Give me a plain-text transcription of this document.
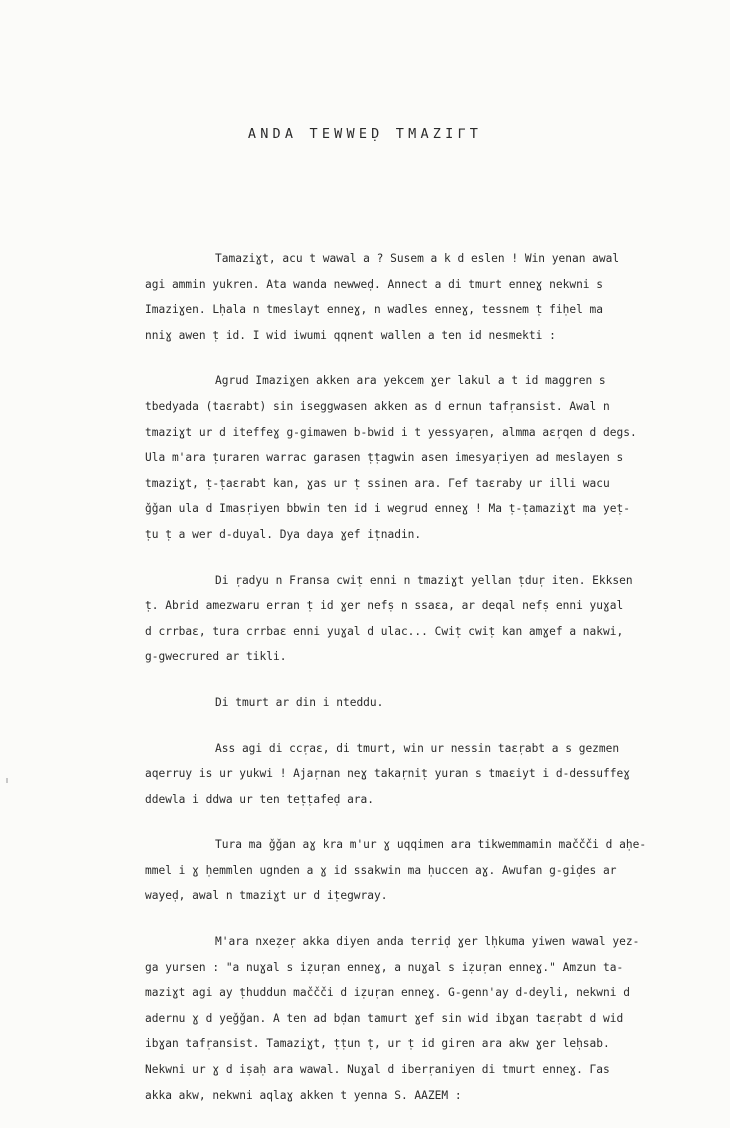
ANDA TEWWEḌ TMAZIΓT

Tamaziɣt, acu t wawal a ? Susem a k d eslen ! Win yenan awal
agi ammin yukren. Ata wanda newweḍ. Annect a di tmurt enneɣ nekwni s
Imaziɣen. Lḥala n tmeslayt enneɣ, n wadles enneɣ, tessnem ṭ fiḥel ma
nniɣ awen ṭ id. I wid iwumi qqnent wallen a ten id nesmekti :

Agrud Imaziɣen akken ara yekcem ɣer lakul a t id maggren s
tbedyada (taɛrabt) sin iseggwasen akken as d ernun tafṛansist. Awal n
tmaziɣt ur d iteffeɣ g-gimawen b-bwid i t yessyaṛen, almma aɛṛqen d degs.
Ula m'ara ṭuraren warrac garasen ṭṭagwin asen imesyaṛiyen ad meslayen s
tmaziɣt, ṭ-ṭaɛrabt kan, ɣas ur ṭ ssinen ara. Γef taɛraby ur illi wacu
ǧǧan ula d Imasṛiyen bbwin ten id i wegrud enneɣ ! Ma ṭ-ṭamaziɣt ma yeṭ-
ṭu ṭ a wer d-duyal. Dya daya ɣef iṭnadin.

Di ṛadyu n Fransa cwiṭ enni n tmaziɣt yellan ṭduṛ iten. Ekksen
ṭ. Abrid amezwaru erran ṭ id ɣer nefṣ n ssaɛa, ar deqal nefṣ enni yuɣal
d crrbaɛ, tura crrbaɛ enni yuɣal d ulac... Cwiṭ cwiṭ kan amɣef a nakwi,
g-gwecrured ar tikli.

Di tmurt ar din i nteddu.

Ass agi di ccṛaɛ, di tmurt, win ur nessin taɛṛabt a s gezmen
aqerruy is ur yukwi ! Ajaṛnan neɣ takaṛniṭ yuran s tmaɛiyt i d-dessuffeɣ
ddewla i ddwa ur ten teṭṭafeḍ ara.

Tura ma ǧǧan aɣ kra m'ur ɣ uqqimen ara tikwemmamin maččči d aḥe-
mmel i ɣ ḥemmlen ugnden a ɣ id ssakwin ma ḥuccen aɣ. Awufan g-giḍes ar
wayeḍ, awal n tmaziɣt ur d iṭegwray.

M'ara nxeẓeṛ akka diyen anda terriḍ ɣer lḥkuma yiwen wawal yez-
ga yursen : "a nuɣal s iẓuṛan enneɣ, a nuɣal s iẓuṛan enneɣ." Amzun ta-
maziɣt agi ay ṭhuddun maččči d iẓuṛan enneɣ. G-genn'ay d-deyli, nekwni d
adernu ɣ d yeǧǧan. A ten ad bḍan tamurt ɣef sin wid ibɣan taɛṛabt d wid
ibɣan tafṛansist. Tamaziɣt, ṭṭun ṭ, ur ṭ id giren ara akw ɣer leḥsab.
Nekwni ur ɣ d iṣaḥ ara wawal. Nuɣal d iberṛaniyen di tmurt enneɣ. Γas
akka akw, nekwni aqlaɣ akken t yenna S. AAZEM :
